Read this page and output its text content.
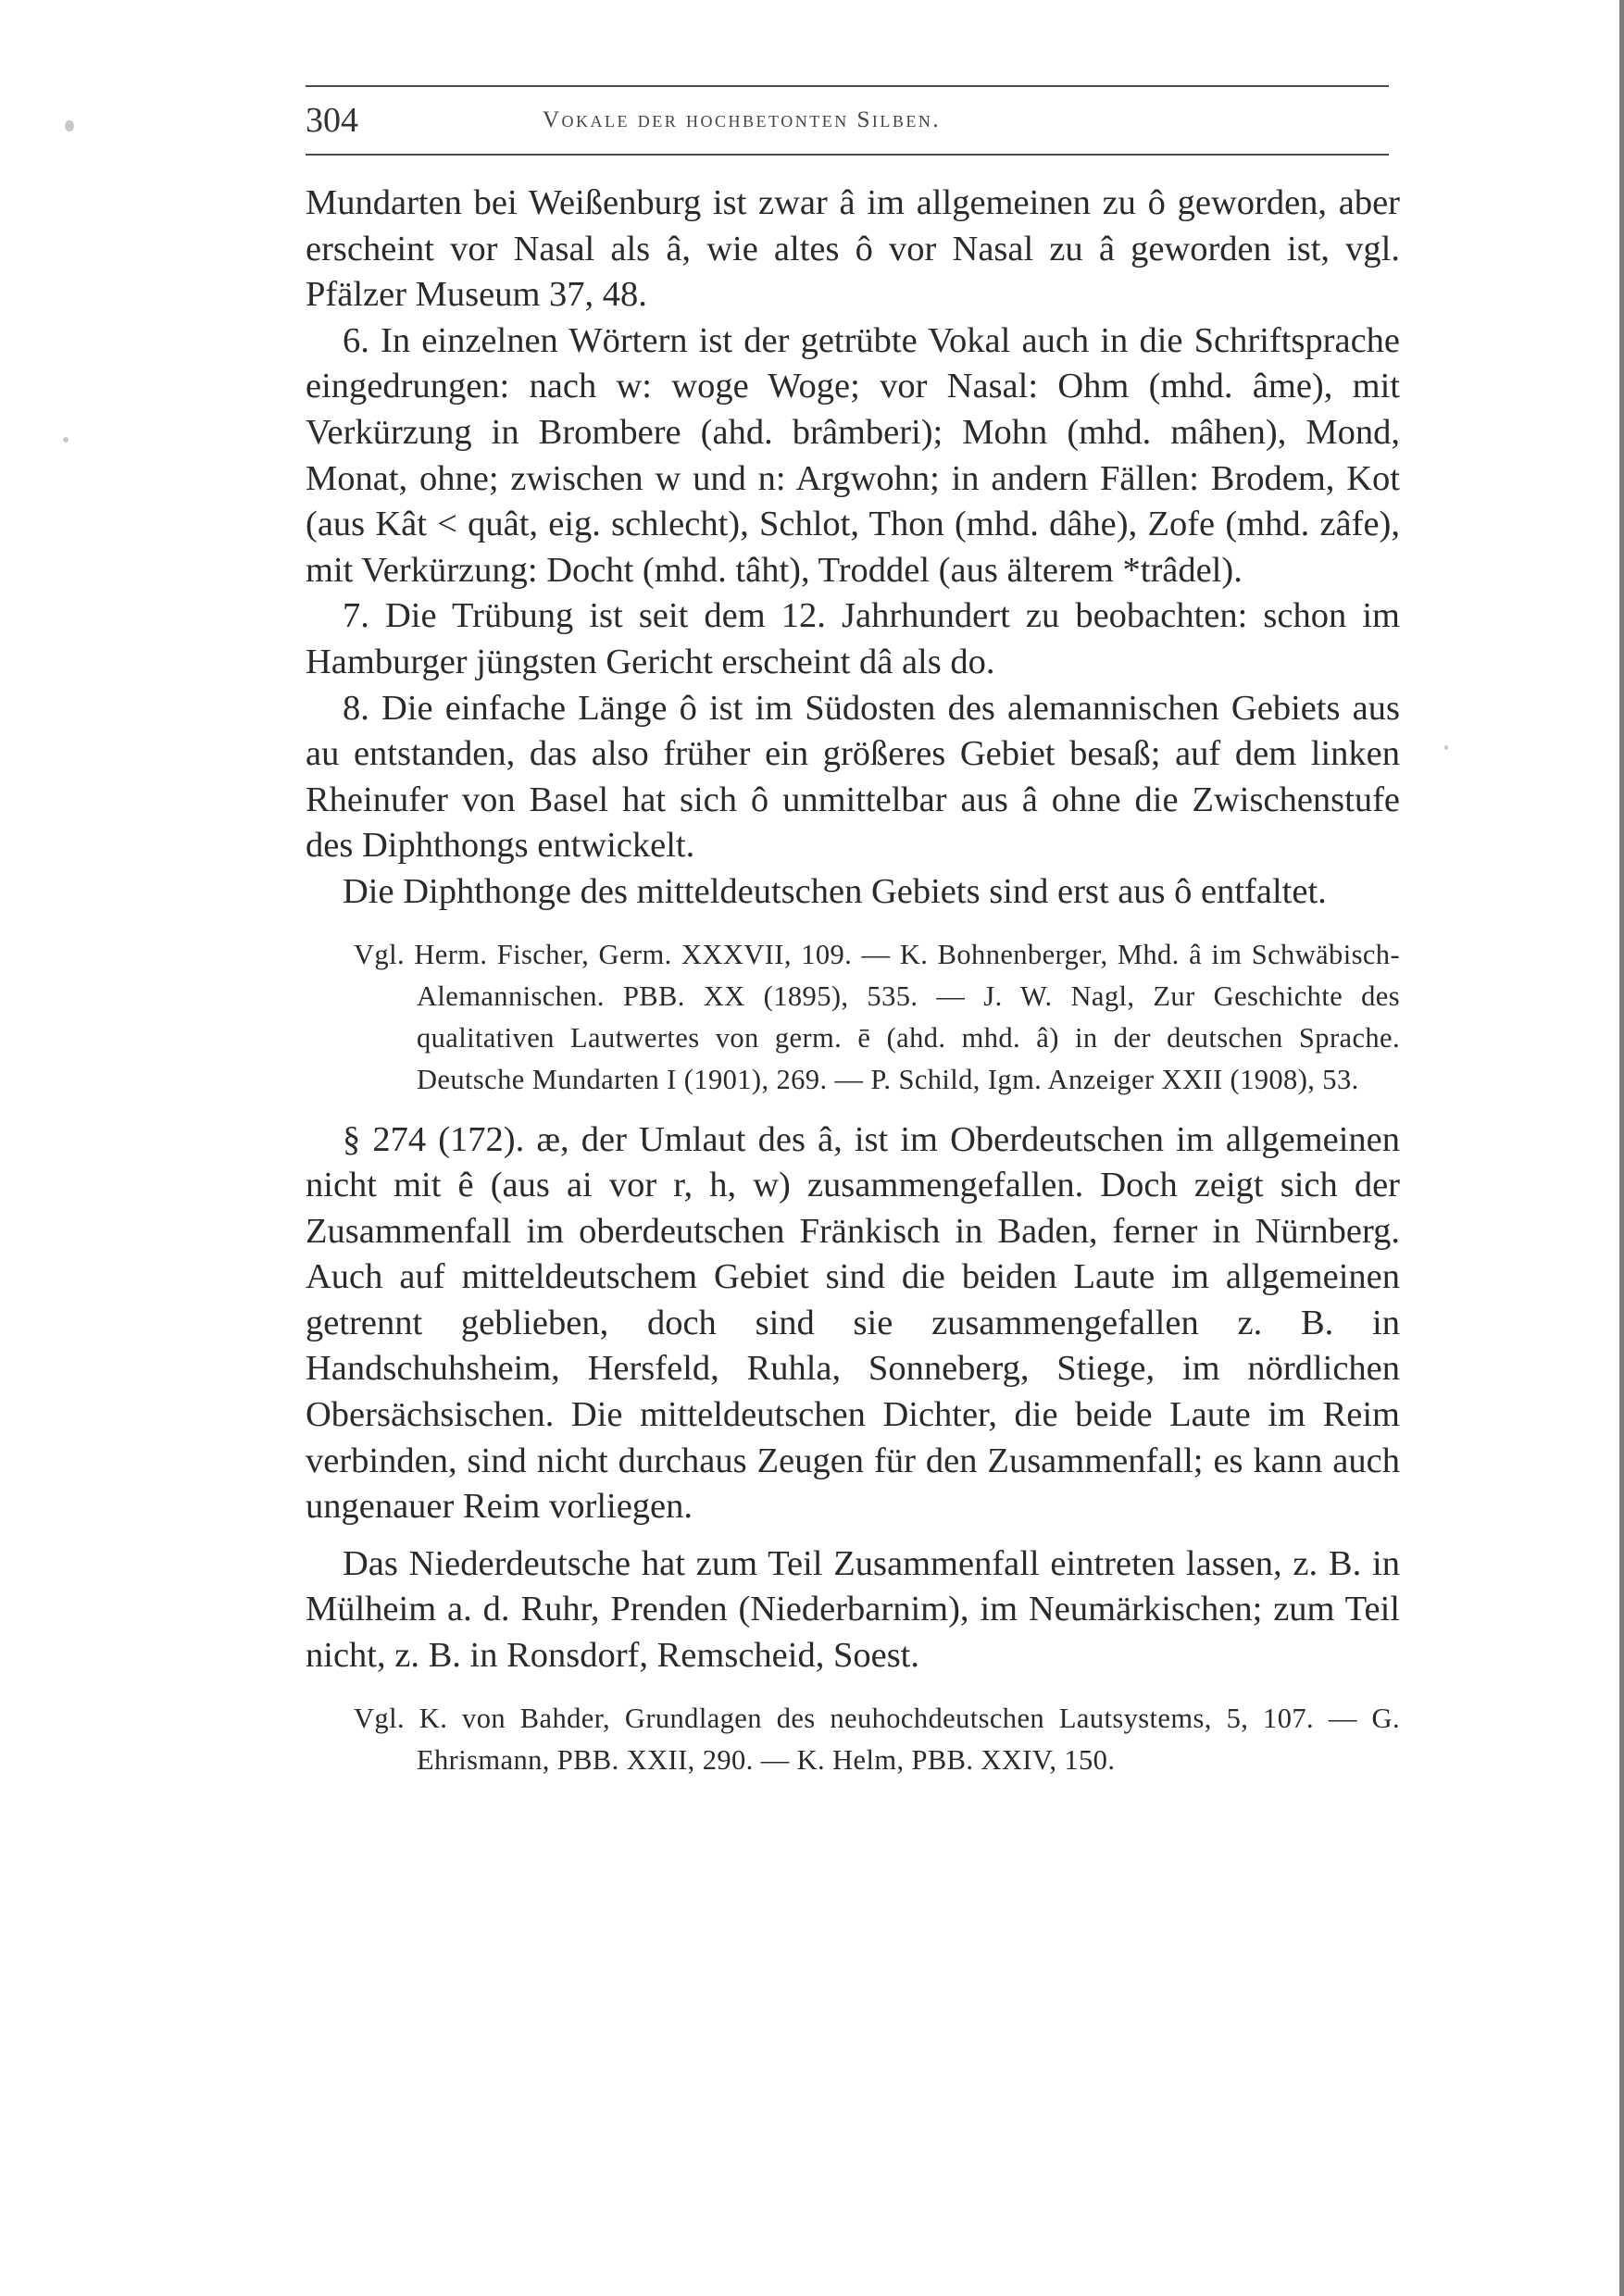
304	Vokale der hochbetonten Silben.

Mundarten bei Weißenburg ist zwar â im allgemeinen zu ô geworden, aber erscheint vor Nasal als â, wie altes ô vor Nasal zu â geworden ist, vgl. Pfälzer Museum 37, 48.

6. In einzelnen Wörtern ist der getrübte Vokal auch in die Schriftsprache eingedrungen: nach w: woge Woge; vor Nasal: Ohm (mhd. âme), mit Verkürzung in Brombere (ahd. brâmberi); Mohn (mhd. mâhen), Mond, Monat, ohne; zwischen w und n: Argwohn; in andern Fällen: Brodem, Kot (aus Kât < quât, eig. schlecht), Schlot, Thon (mhd. dâhe), Zofe (mhd. zâfe), mit Verkürzung: Docht (mhd. tâht), Troddel (aus älterem *trâdel).

7. Die Trübung ist seit dem 12. Jahrhundert zu beobachten: schon im Hamburger jüngsten Gericht erscheint dâ als do.

8. Die einfache Länge ô ist im Südosten des alemannischen Gebiets aus au entstanden, das also früher ein größeres Gebiet besaß; auf dem linken Rheinufer von Basel hat sich ô unmittelbar aus â ohne die Zwischenstufe des Diphthongs entwickelt.

Die Diphthonge des mitteldeutschen Gebiets sind erst aus ô entfaltet.

Vgl. Herm. Fischer, Germ. XXXVII, 109. — K. Bohnenberger, Mhd. â im Schwäbisch-Alemannischen. PBB. XX (1895), 535. — J. W. Nagl, Zur Geschichte des qualitativen Lautwertes von germ. ē (ahd. mhd. â) in der deutschen Sprache. Deutsche Mundarten I (1901), 269. — P. Schild, Igm. Anzeiger XXII (1908), 53.

§ 274 (172). æ, der Umlaut des â, ist im Oberdeutschen im allgemeinen nicht mit ê (aus ai vor r, h, w) zusammengefallen. Doch zeigt sich der Zusammenfall im oberdeutschen Fränkisch in Baden, ferner in Nürnberg. Auch auf mitteldeutschem Gebiet sind die beiden Laute im allgemeinen getrennt geblieben, doch sind sie zusammengefallen z. B. in Handschuhsheim, Hersfeld, Ruhla, Sonneberg, Stiege, im nördlichen Obersächsischen. Die mitteldeutschen Dichter, die beide Laute im Reim verbinden, sind nicht durchaus Zeugen für den Zusammenfall; es kann auch ungenauer Reim vorliegen.

Das Niederdeutsche hat zum Teil Zusammenfall eintreten lassen, z. B. in Mülheim a. d. Ruhr, Prenden (Niederbarnim), im Neumärkischen; zum Teil nicht, z. B. in Ronsdorf, Remscheid, Soest.

Vgl. K. von Bahder, Grundlagen des neuhochdeutschen Lautsystems, 5, 107. — G. Ehrismann, PBB. XXII, 290. — K. Helm, PBB. XXIV, 150.
